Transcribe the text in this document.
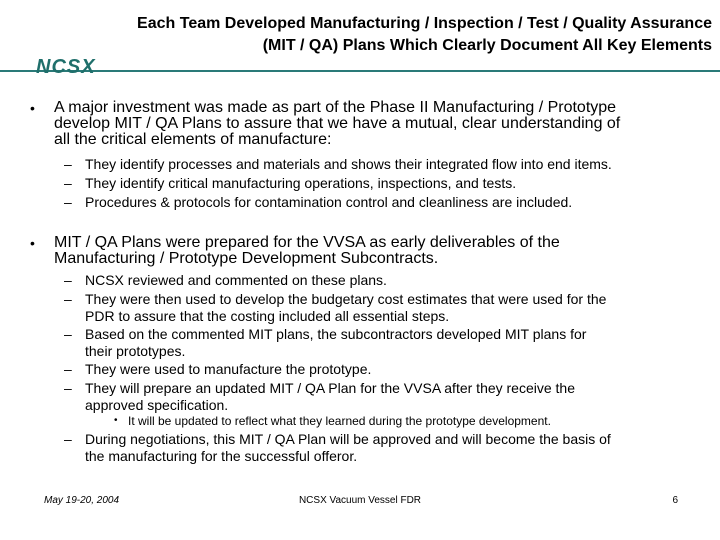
Each Team Developed Manufacturing / Inspection / Test / Quality Assurance
(MIT / QA) Plans Which Clearly Document All Key Elements
NCSX
• A major investment was made as part of the Phase II Manufacturing / Prototype
develop MIT / QA Plans to assure that we have a mutual, clear understanding of
all the critical elements of manufacture:
– They identify processes and materials and shows their integrated flow into end items.
– They identify critical manufacturing operations, inspections, and tests.
– Procedures & protocols for contamination control and cleanliness are included.
• MIT / QA Plans were prepared for the VVSA as early deliverables of the
Manufacturing / Prototype Development Subcontracts.
– NCSX reviewed and commented on these plans.
– They were then used to develop the budgetary cost estimates that were used for the
PDR to assure that the costing included all essential steps.
– Based on the commented MIT plans, the subcontractors developed MIT plans for
their prototypes.
– They were used to manufacture the prototype.
– They will prepare an updated MIT / QA Plan for the VVSA after they receive the
approved specification.
• It will be updated to reflect what they learned during the prototype development.
– During negotiations, this MIT / QA Plan will be approved and will become the basis of
the manufacturing for the successful offeror.
May 19-20, 2004	NCSX Vacuum Vessel FDR	6
